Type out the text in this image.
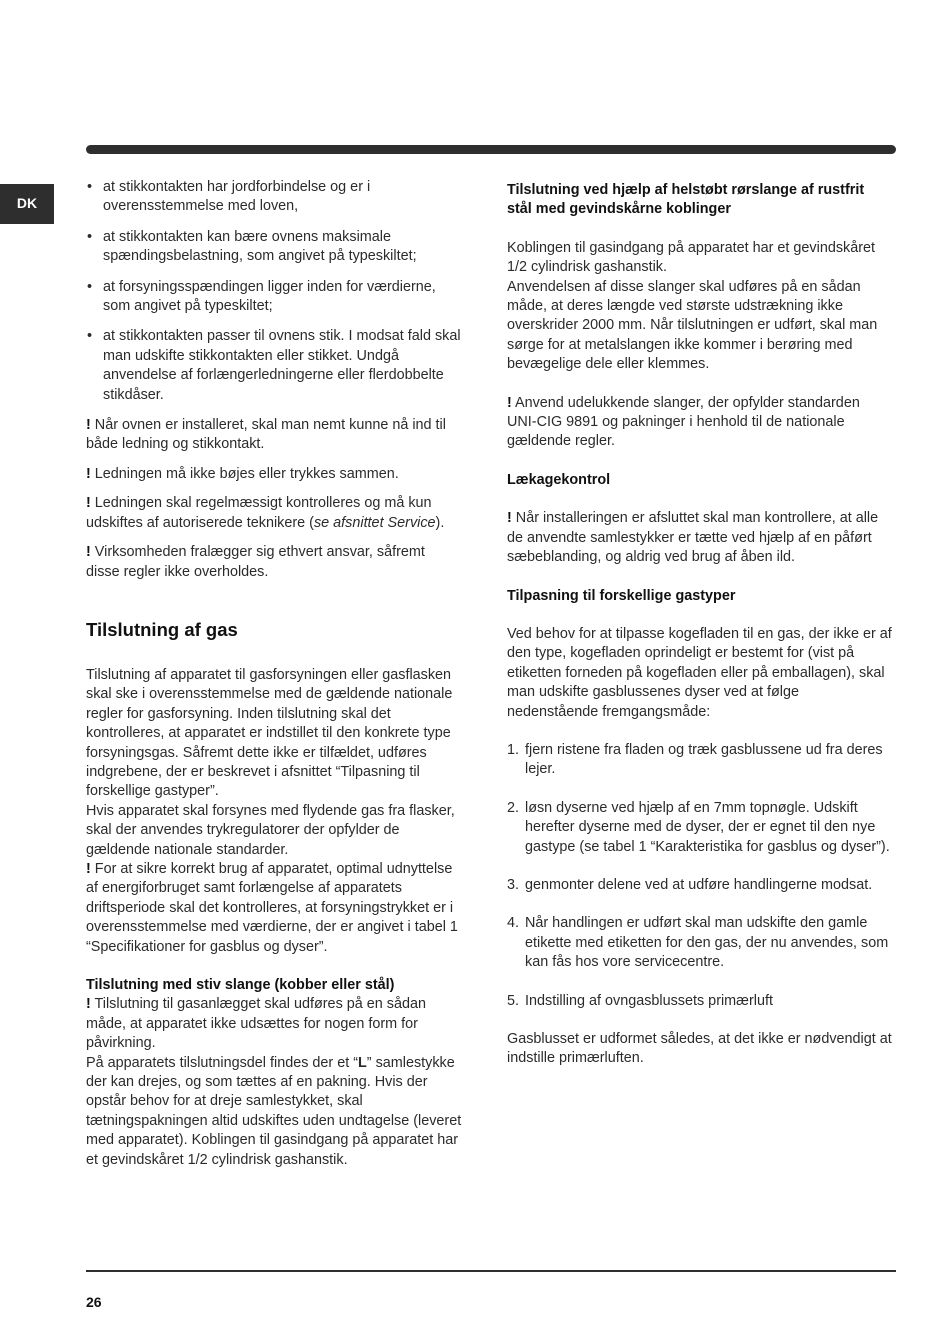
DK
• at stikkontakten har jordforbindelse og er i overensstemmelse med loven,
• at stikkontakten kan bære ovnens maksimale spændingsbelastning, som angivet på typeskiltet;
• at forsyningsspændingen ligger inden for værdierne, som angivet på typeskiltet;
• at stikkontakten passer til ovnens stik. I modsat fald skal man udskifte stikkontakten eller stikket. Undgå anvendelse af forlængerledningerne eller flerdobbelte stikdåser.

! Når ovnen er installeret, skal man nemt kunne nå ind til både ledning og stikkontakt.

! Ledningen må ikke bøjes eller trykkes sammen.

! Ledningen skal regelmæssigt kontrolleres og må kun udskiftes af autoriserede teknikere (se afsnittet Service).

! Virksomheden fralægger sig ethvert ansvar, såfremt disse regler ikke overholdes.

Tilslutning af gas

Tilslutning af apparatet til gasforsyningen eller gasflasken skal ske i overensstemmelse med de gældende nationale regler for gasforsyning. Inden tilslutning skal det kontrolleres, at apparatet er indstillet til den konkrete type forsyningsgas. Såfremt dette ikke er tilfældet, udføres indgrebene, der er beskrevet i afsnittet “Tilpasning til forskellige gastyper”.

Hvis apparatet skal forsynes med flydende gas fra flasker, skal der anvendes trykregulatorer der opfylder de gældende nationale standarder.

! For at sikre korrekt brug af apparatet, optimal udnyttelse af energiforbruget samt forlængelse af apparatets driftsperiode skal det kontrolleres, at forsyningstrykket er i overensstemmelse med værdierne, der er angivet i tabel 1 “Specifikationer for gasblus og dyser”.

Tilslutning med stiv slange (kobber eller stål)

! Tilslutning til gasanlægget skal udføres på en sådan måde, at apparatet ikke udsættes for nogen form for påvirkning.

På apparatets tilslutningsdel findes der et “L” samlestykke der kan drejes, og som tættes af en pakning. Hvis der opstår behov for at dreje samlestykket, skal tætningspakningen altid udskiftes uden undtagelse (leveret med apparatet). Koblingen til gasindgang på apparatet har et gevindskåret 1/2 cylindrisk gashanstik.

Tilslutning ved hjælp af helstøbt rørslange af rustfrit stål med gevindskårne koblinger

Koblingen til gasindgang på apparatet har et gevindskåret 1/2 cylindrisk gashanstik.

Anvendelsen af disse slanger skal udføres på en sådan måde, at deres længde ved største udstrækning ikke overskrider 2000 mm. Når tilslutningen er udført, skal man sørge for at metalslangen ikke kommer i berøring med bevægelige dele eller klemmes.

! Anvend udelukkende slanger, der opfylder standarden UNI-CIG 9891 og pakninger i henhold til de nationale gældende regler.

Lækagekontrol

! Når installeringen er afsluttet skal man kontrollere, at alle de anvendte samlestykker er tætte ved hjælp af en påført sæbeblanding, og aldrig ved brug af åben ild.

Tilpasning til forskellige gastyper

Ved behov for at tilpasse kogefladen til en gas, der ikke er af den type, kogefladen oprindeligt er bestemt for (vist på etiketten forneden på kogefladen eller på emballagen), skal man udskifte gasblussenes dyser ved at følge nedenstående fremgangsmåde:

1. fjern ristene fra fladen og træk gasblussene ud fra deres lejer.
2. løsn dyserne ved hjælp af en 7mm topnøgle. Udskift herefter dyserne med de dyser, der er egnet til den nye gastype (se tabel 1 “Karakteristika for gasblus og dyser”).
3. genmonter delene ved at udføre handlingerne modsat.
4. Når handlingen er udført skal man udskifte den gamle etikette med etiketten for den gas, der nu anvendes, som kan fås hos vore servicecentre.
5. Indstilling af ovngasblussets primærluft

Gasblusset er udformet således, at det ikke er nødvendigt at indstille primærluften.

26
